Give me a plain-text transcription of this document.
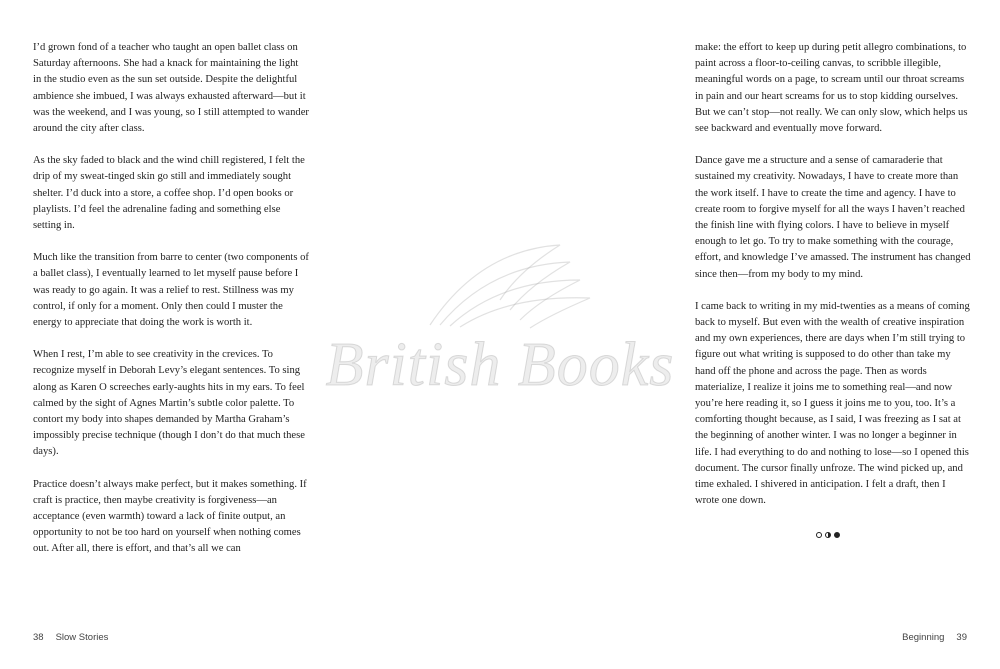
I’d grown fond of a teacher who taught an open ballet class on Saturday afternoons. She had a knack for maintaining the light in the studio even as the sun set outside. Despite the delightful ambience she imbued, I was always exhausted afterward—but it was the weekend, and I was young, so I still attempted to wander around the city after class.

As the sky faded to black and the wind chill registered, I felt the drip of my sweat-tinged skin go still and immediately sought shelter. I’d duck into a store, a coffee shop. I’d open books or playlists. I’d feel the adrenaline fading and something else setting in.

Much like the transition from barre to center (two components of a ballet class), I eventually learned to let myself pause before I was ready to go again. It was a relief to rest. Stillness was my control, if only for a moment. Only then could I muster the energy to appreciate that doing the work is worth it.

When I rest, I’m able to see creativity in the crevices. To recognize myself in Deborah Levy’s elegant sentences. To sing along as Karen O screeches early-aughts hits in my ears. To feel calmed by the sight of Agnes Martin’s subtle color palette. To contort my body into shapes demanded by Martha Graham’s impossibly precise technique (though I don’t do that much these days).

Practice doesn’t always make perfect, but it makes something. If craft is practice, then maybe creativity is forgiveness—an acceptance (even warmth) toward a lack of finite output, an opportunity to not be too hard on yourself when nothing comes out. After all, there is effort, and that’s all we can

38 Slow Stories

make: the effort to keep up during petit allegro combinations, to paint across a floor-to-ceiling canvas, to scribble illegible, meaningful words on a page, to scream until our throat screams in pain and our heart screams for us to stop kidding ourselves. But we can’t stop—not really. We can only slow, which helps us see backward and eventually move forward.

Dance gave me a structure and a sense of camaraderie that sustained my creativity. Nowadays, I have to create more than the work itself. I have to create the time and agency. I have to create room to forgive myself for all the ways I haven’t reached the finish line with flying colors. I have to believe in myself enough to let go. To try to make something with the courage, effort, and knowledge I’ve amassed. The instrument has changed since then—from my body to my mind.

I came back to writing in my mid-twenties as a means of coming back to myself. But even with the wealth of creative inspiration and my own experiences, there are days when I’m still trying to figure out what writing is supposed to do other than take my hand off the phone and across the page. Then as words materialize, I realize it joins me to something real—and now you’re here reading it, so I guess it joins me to you, too. It’s a comforting thought because, as I said, I was freezing as I sat at the beginning of another winter. I was no longer a beginner in life. I had everything to do and nothing to lose—so I opened this document. The cursor finally unfroze. The wind picked up, and time exhaled. I shivered in anticipation. I felt a draft, then I wrote one down.

Beginning 39
British Books
